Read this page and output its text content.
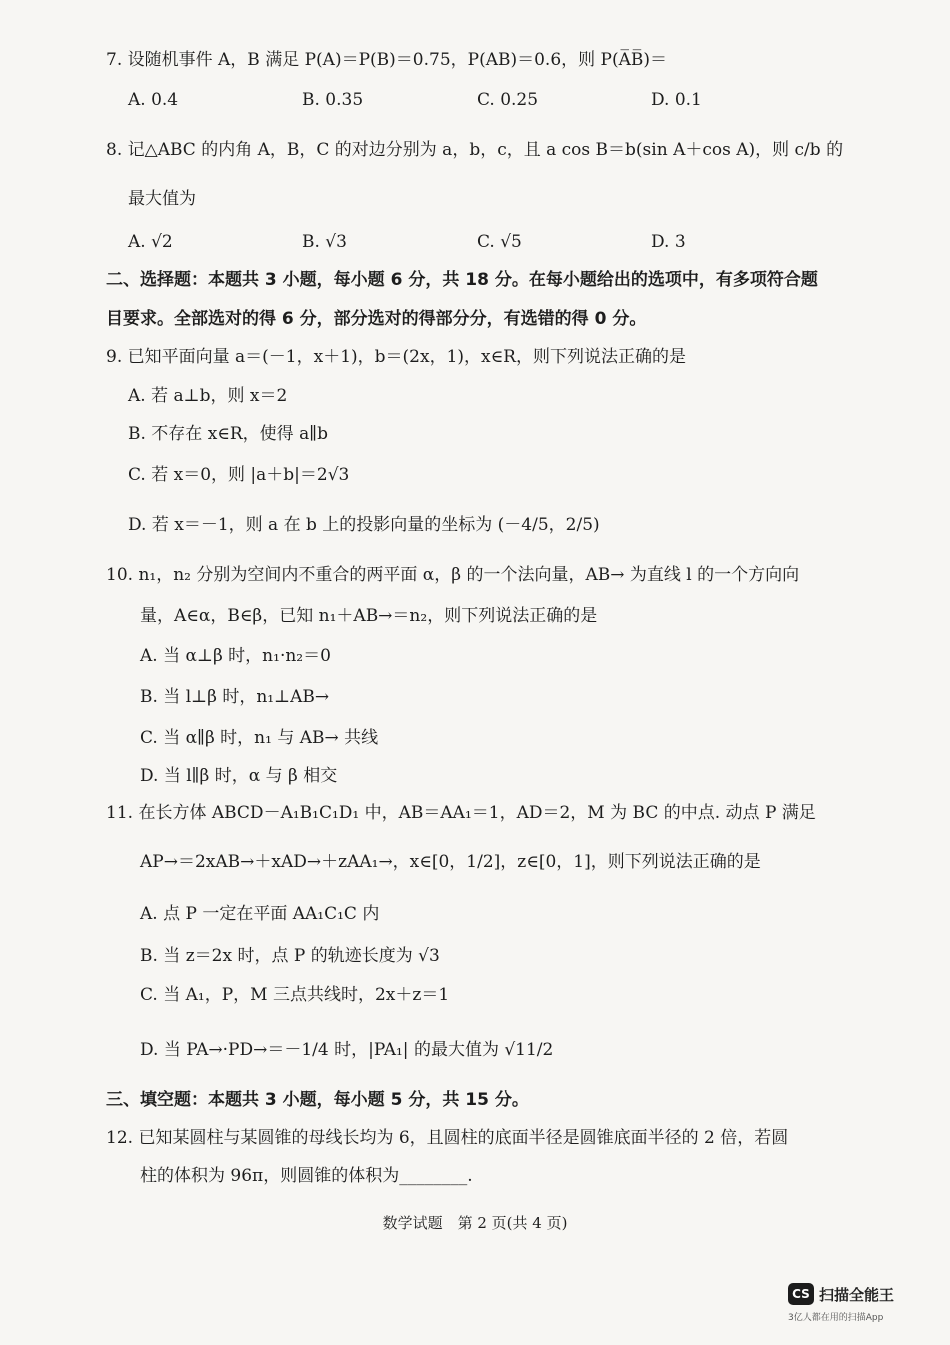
7. 设随机事件 A，B 满足 P(A)＝P(B)＝0.75，P(AB)＝0.6，则 P(A̅B̅)＝
A. 0.4	B. 0.35	C. 0.25	D. 0.1
8. 记△ABC 的内角 A，B，C 的对边分别为 a，b，c，且 a cos B＝b(sin A＋cos A)，则 c/b 的
最大值为
A. √2	B. √3	C. √5	D. 3
二、选择题：本题共 3 小题，每小题 6 分，共 18 分。在每小题给出的选项中，有多项符合题
目要求。全部选对的得 6 分，部分选对的得部分分，有选错的得 0 分。
9. 已知平面向量 a＝(－1，x＋1)，b＝(2x，1)，x∈R，则下列说法正确的是
A. 若 a⊥b，则 x＝2
B. 不存在 x∈R，使得 a∥b
C. 若 x＝0，则 |a＋b|＝2√3
D. 若 x＝－1，则 a 在 b 上的投影向量的坐标为 (－4/5，2/5)
10. n₁，n₂ 分别为空间内不重合的两平面 α，β 的一个法向量，AB→ 为直线 l 的一个方向向
量，A∈α，B∈β，已知 n₁＋AB→＝n₂，则下列说法正确的是
A. 当 α⊥β 时，n₁·n₂＝0
B. 当 l⊥β 时，n₁⊥AB→
C. 当 α∥β 时，n₁ 与 AB→ 共线
D. 当 l∥β 时，α 与 β 相交
11. 在长方体 ABCD－A₁B₁C₁D₁ 中，AB＝AA₁＝1，AD＝2，M 为 BC 的中点. 动点 P 满足
AP→＝2xAB→＋xAD→＋zAA₁→，x∈[0，1/2]，z∈[0，1]，则下列说法正确的是
A. 点 P 一定在平面 AA₁C₁C 内
B. 当 z＝2x 时，点 P 的轨迹长度为 √3
C. 当 A₁，P，M 三点共线时，2x＋z＝1
D. 当 PA→·PD→＝－1/4 时，|PA₁| 的最大值为 √11/2
三、填空题：本题共 3 小题，每小题 5 分，共 15 分。
12. 已知某圆柱与某圆锥的母线长均为 6，且圆柱的底面半径是圆锥底面半径的 2 倍，若圆
柱的体积为 96π，则圆锥的体积为________.
数学试题　第 2 页(共 4 页)
CS 扫描全能王
3亿人都在用的扫描App
